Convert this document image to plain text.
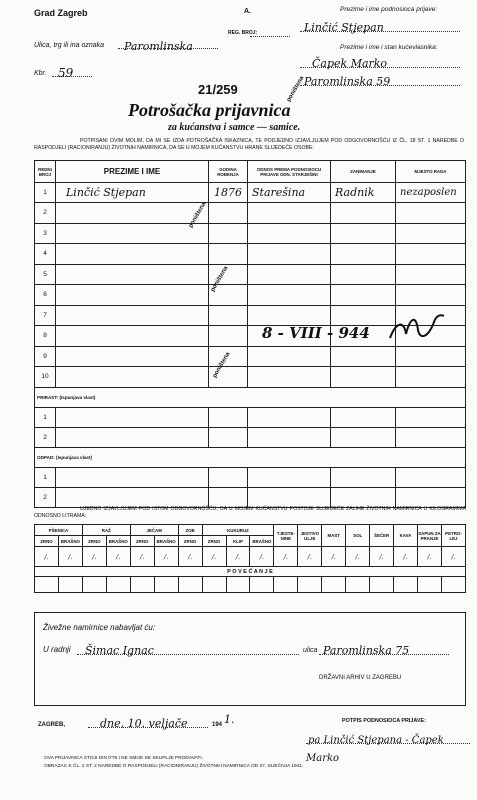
Grad Zagreb	A.
REG. BROJ:
Ulica, trg ili ina oznaka	Paromlinska
Kbr. 59
Prezime i ime podnosioca prijave:
Linčić Stjepan
Prezime i ime i stan kućevlasnika:
Čapek Marko
Paromlinska 59
21/259	poništena
Potrošačka prijavnica
za kućanstva i samce — samice.
POTPISANI OVIM MOLIM, DA MI SE IZDA POTROŠAČKA ISKAZNICA, TE PODJEDNO IZJAVLJUJEM POD ODGOVORNOŠĆU IZ ČL. 18 ST. 1 NAREDBE O RASPODJELI (RACIONIRANJU) ŽIVOTNIH NAMIRNICA, DA SE U MOJEM KUĆANSTVU HRANE SLIJEDEĆE OSOBE:
REDNI BROJ	PREZIME I IME	GODINA ROĐENJA	ODNOS PREMA PODNOSIOCU PRIJAVE ODN. STARJEŠINI	ZANIMANJE	MJESTO RADA
1	Linčić Stjepan	1876	Starešina	Radnik	nezaposlen
2					
3					
4					
5					
6					
7					
8					
9					
10					
PRIRAST: (Ispunjava vlast)					
1					
2					
ODPAD: (Ispunjava vlast)					
1					
2					
poništena
poništena
poništena
8 - VIII - 944
UJEDNO IZJAVLJUJEM POD ISTOM ODGOVORNOŠĆU, DA U MOJEM KUĆANSTVU POSTOJE SLIJEDEĆE ZALIHE ŽIVOTNIH NAMIRNICA U KILOGRAMIMA ODNOSNO LITRAMA:
PŠENICA		RAŽ		JEČAM		ZOB	KUKURUZ			TJESTE-NINE	JESTIVO ULJE	MAST	SOL	ŠEĆER	KAVA	SAPUN ZA PRANJE	PETRO-LEJ
ZRNO	BRAŠNO	ZRNO	BRAŠNO	ZRNO	BRAŠNO	ZRNO	ZRNO	KLIP	BRAŠNO								
/.	/.	/.	/.	/.	/.	/.	/.	/.	/.	/.	/.	/.	/.	/.	/.	/.	/.
P O V E Ć A N J E																	

Živežne namirnice nabavljat ću:
U radnji	Šimac Ignac	ulica Paromlinska 75
DRŽAVNI ARHIV U ZAGREBU
ZAGREB,	dne, 10. veljače	194 1.	POTPIS PODNOSIOCA PRIJAVE:
pa Linčić Stjepana - Čapek Marko
OVA PRIJAVNICA STOJI DIN 0'75 I NE SMIJE SE SKUPLJE PRODAVATI.
OBRAZAC K ČL. 2 ST. 2 NAREDBE O RASPODJELI (RACIONIRANJU) ŽIVOTNIH NAMIRNICA OD 27. SIJEČNJA 1941.
